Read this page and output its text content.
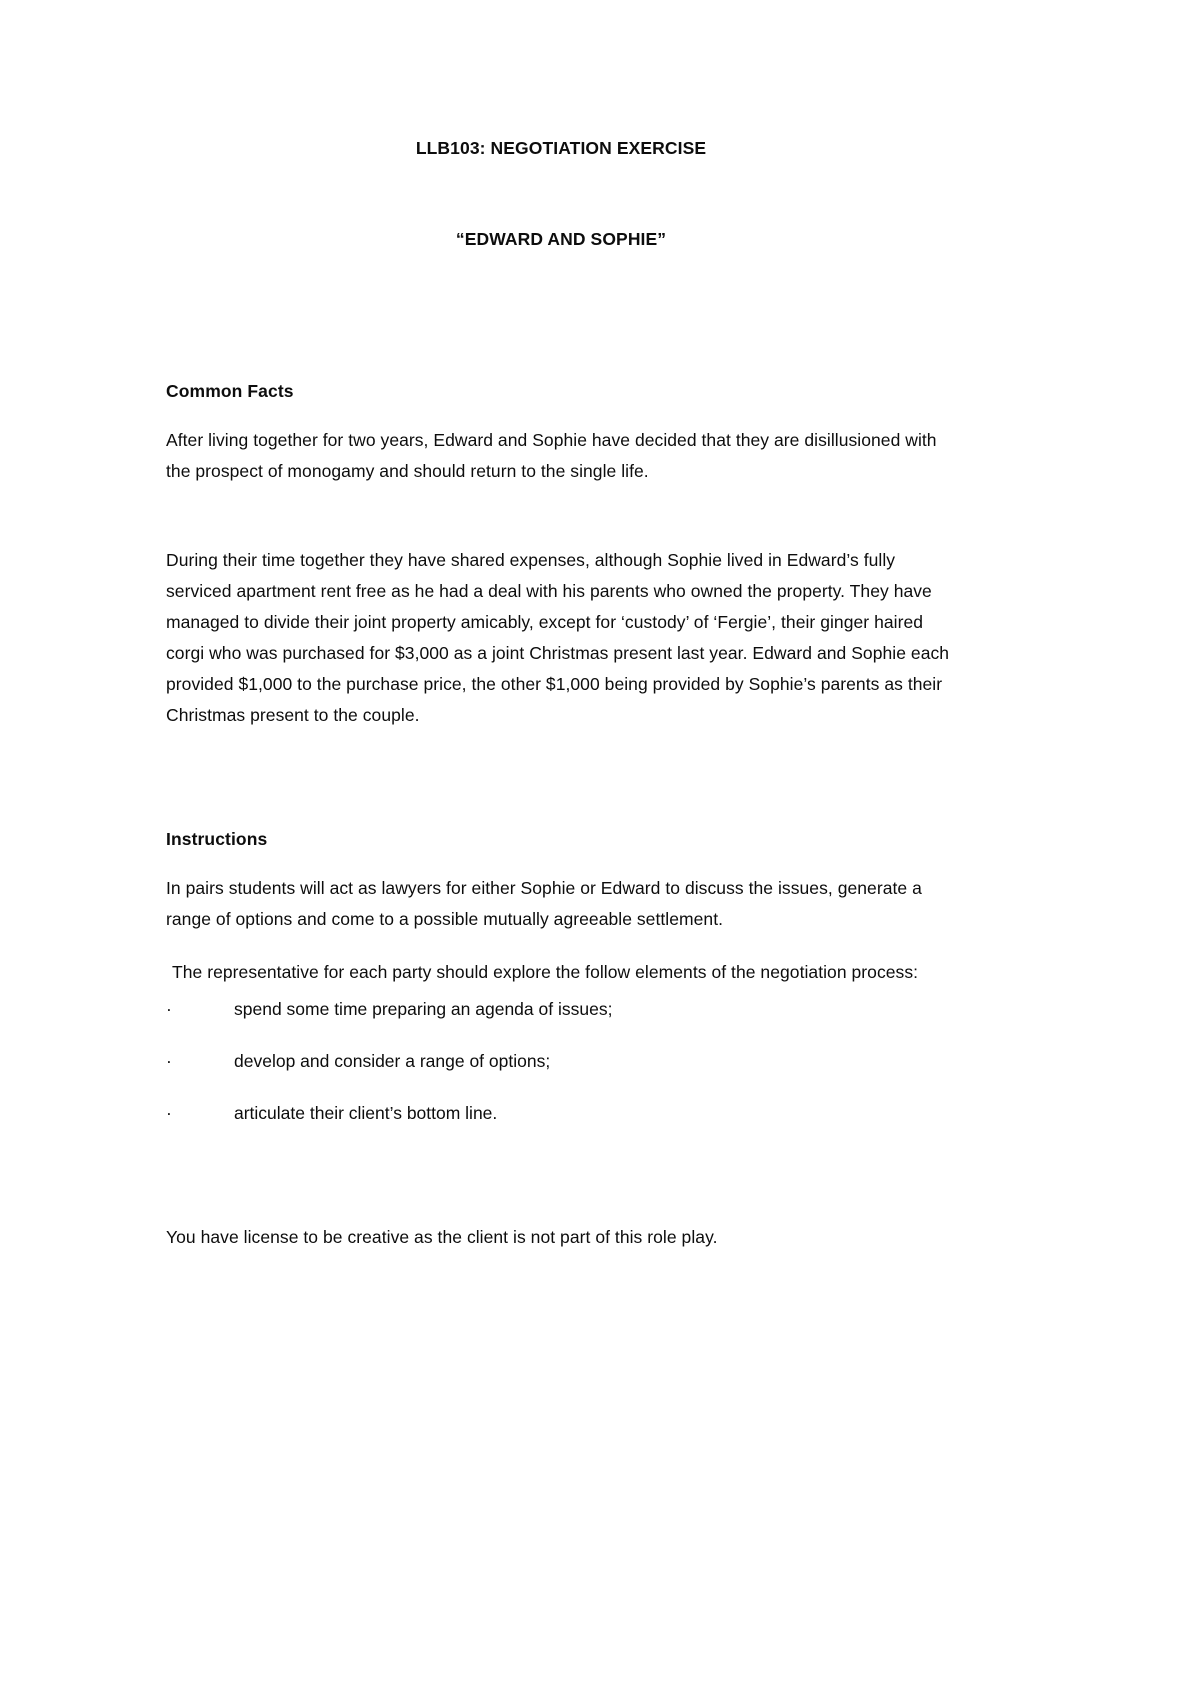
LLB103: NEGOTIATION EXERCISE
“EDWARD AND SOPHIE”
Common Facts

After living together for two years, Edward and Sophie have decided that they are disillusioned with the prospect of monogamy and should return to the single life.

During their time together they have shared expenses, although Sophie lived in Edward’s fully serviced apartment rent free as he had a deal with his parents who owned the property. They have managed to divide their joint property amicably, except for ‘custody’ of ‘Fergie’, their ginger haired corgi who was purchased for $3,000 as a joint Christmas present last year. Edward and Sophie each provided $1,000 to the purchase price, the other $1,000 being provided by Sophie’s parents as their Christmas present to the couple.

Instructions

In pairs students will act as lawyers for either Sophie or Edward to discuss the issues, generate a range of options and come to a possible mutually agreeable settlement.

The representative for each party should explore the follow elements of the negotiation process:

·	spend some time preparing an agenda of issues;
·	develop and consider a range of options;
·	articulate their client’s bottom line.

You have license to be creative as the client is not part of this role play.
